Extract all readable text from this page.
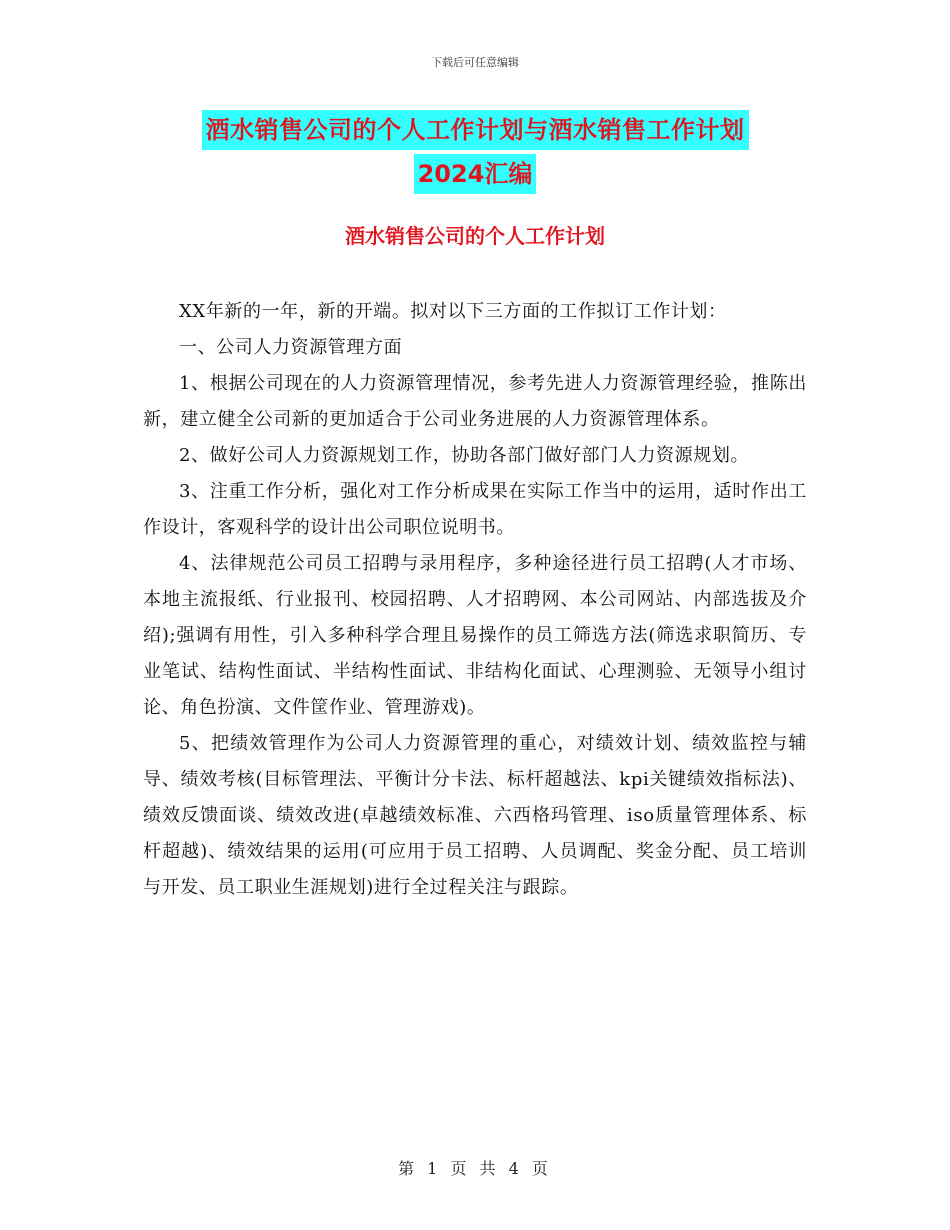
下载后可任意编辑
酒水销售公司的个人工作计划与酒水销售工作计划
2024汇编
酒水销售公司的个人工作计划

XX年新的一年，新的开端。拟对以下三方面的工作拟订工作计划：

一、公司人力资源管理方面

1、根据公司现在的人力资源管理情况，参考先进人力资源管理经验，推陈出新，建立健全公司新的更加适合于公司业务进展的人力资源管理体系。

2、做好公司人力资源规划工作，协助各部门做好部门人力资源规划。

3、注重工作分析，强化对工作分析成果在实际工作当中的运用，适时作出工作设计，客观科学的设计出公司职位说明书。

4、法律规范公司员工招聘与录用程序，多种途径进行员工招聘(人才市场、本地主流报纸、行业报刊、校园招聘、人才招聘网、本公司网站、内部选拔及介绍);强调有用性，引入多种科学合理且易操作的员工筛选方法(筛选求职简历、专业笔试、结构性面试、半结构性面试、非结构化面试、心理测验、无领导小组讨论、角色扮演、文件筐作业、管理游戏)。

5、把绩效管理作为公司人力资源管理的重心，对绩效计划、绩效监控与辅导、绩效考核(目标管理法、平衡计分卡法、标杆超越法、kpi关键绩效指标法)、绩效反馈面谈、绩效改进(卓越绩效标准、六西格玛管理、iso质量管理体系、标杆超越)、绩效结果的运用(可应用于员工招聘、人员调配、奖金分配、员工培训与开发、员工职业生涯规划)进行全过程关注与跟踪。

第 1 页 共 4 页
